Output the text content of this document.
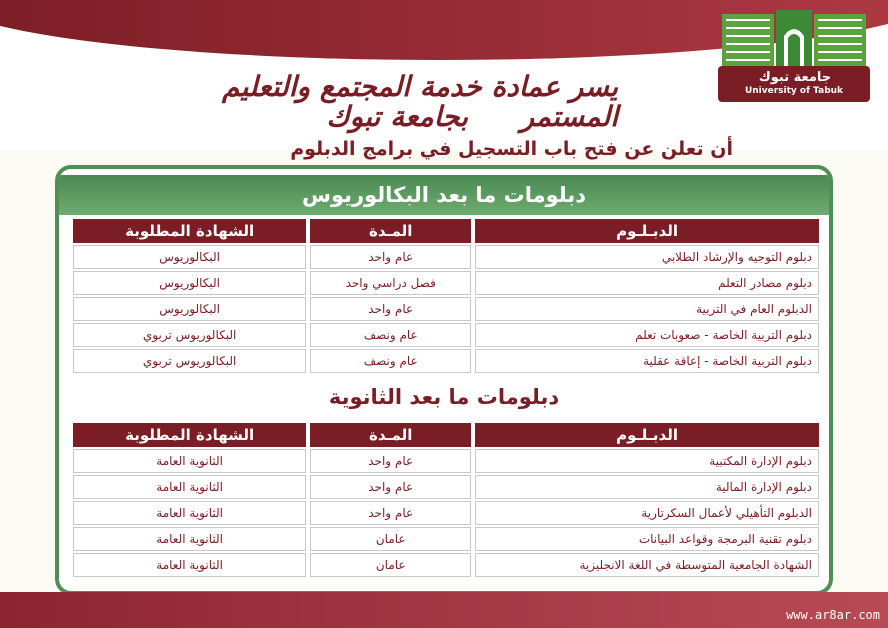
جامعة تبوك
University of Tabuk
يسر عمادة خدمة المجتمع والتعليم المستمر
بجامعة تبوك
أن تعلن عن فتح باب التسجيل في برامج الدبلوم
دبلومات ما بعد البكالوريوس
الدبـلـوم	المـدة	الشهادة المطلوبة
دبلوم التوجيه والإرشاد الطلابي	عام واحد	البكالوريوس
دبلوم مصادر التعلم	فصل دراسي واحد	البكالوريوس
الدبلوم العام في التربية	عام واحد	البكالوريوس
دبلوم التربية الخاصة - صعوبات تعلم	عام ونصف	البكالوريوس تربوي
دبلوم التربية الخاصة - إعاقة عقلية	عام ونصف	البكالوريوس تربوي
دبلومات ما بعد الثانوية
الدبـلـوم	المـدة	الشهادة المطلوبة
دبلوم الإدارة المكتبية	عام واحد	الثانوية العامة
دبلوم الإدارة المالية	عام واحد	الثانوية العامة
الدبلوم التأهيلي لأعمال السكرتارية	عام واحد	الثانوية العامة
دبلوم تقنية البرمجة وقواعد البيانات	عامان	الثانوية العامة
الشهادة الجامعية المتوسطة في اللغة الانجليزية	عامان	الثانوية العامة
www.ar8ar.com
